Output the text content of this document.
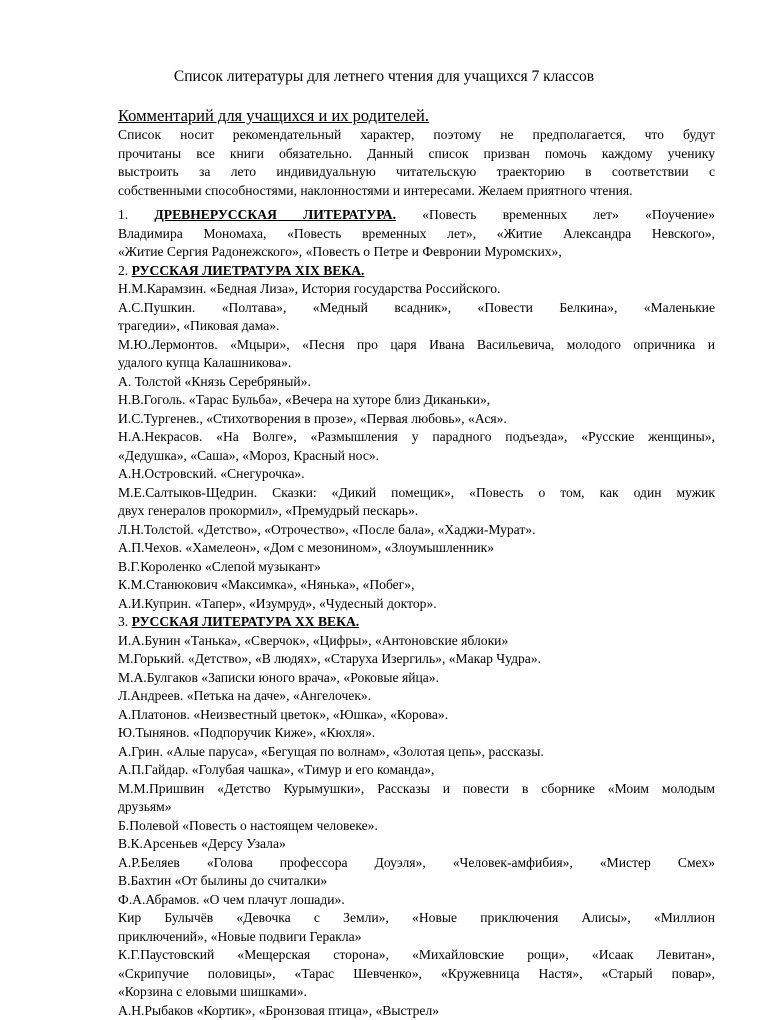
Список литературы для летнего чтения для учащихся 7 классов
Комментарий для учащихся и их родителей.
Список носит рекомендательный характер, поэтому не предполагается, что будут
прочитаны все книги обязательно. Данный список призван помочь каждому ученику
выстроить за лето индивидуальную читательскую траекторию в соответствии с
собственными способностями, наклонностями и интересами. Желаем приятного чтения.
1. ДРЕВНЕРУССКАЯ ЛИТЕРАТУРА. «Повесть временных лет» «Поучение»
Владимира Мономаха, «Повесть временных лет», «Житие Александра Невского»,
«Житие Сергия Радонежского», «Повесть о Петре и Февронии Муромских»,
2. РУССКАЯ ЛИЕТРАТУРА XIX ВЕКА.
Н.М.Карамзин. «Бедная Лиза», История государства Российского.
А.С.Пушкин. «Полтава», «Медный всадник», «Повести Белкина», «Маленькие
трагедии», «Пиковая дама».
М.Ю.Лермонтов. «Мцыри», «Песня про царя Ивана Васильевича, молодого опричника и
удалого купца Калашникова».
А. Толстой «Князь Серебряный».
Н.В.Гоголь. «Тарас Бульба», «Вечера на хуторе близ Диканьки»,
И.С.Тургенев., «Стихотворения в прозе», «Первая любовь», «Ася».
Н.А.Некрасов. «На Волге», «Размышления у парадного подъезда», «Русские женщины»,
«Дедушка», «Саша», «Мороз, Красный нос».
А.Н.Островский. «Снегурочка».
М.Е.Салтыков-Щедрин. Сказки: «Дикий помещик», «Повесть о том, как один мужик
двух генералов прокормил», «Премудрый пескарь».
Л.Н.Толстой. «Детство», «Отрочество», «После бала», «Хаджи-Мурат».
А.П.Чехов. «Хамелеон», «Дом с мезонином», «Злоумышленник»
В.Г.Короленко «Слепой музыкант»
К.М.Станюкович «Максимка», «Нянька», «Побег»,
А.И.Куприн. «Тапер», «Изумруд», «Чудесный доктор».
3. РУССКАЯ ЛИТЕРАТУРА XX ВЕКА.
И.А.Бунин «Танька», «Сверчок», «Цифры», «Антоновские яблоки»
М.Горький. «Детство», «В людях», «Старуха Изергиль», «Макар Чудра».
М.А.Булгаков «Записки юного врача», «Роковые яйца».
Л.Андреев. «Петька на даче», «Ангелочек».
А.Платонов. «Неизвестный цветок», «Юшка», «Корова».
Ю.Тынянов. «Подпоручик Киже», «Кюхля».
А.Грин. «Алые паруса», «Бегущая по волнам», «Золотая цепь», рассказы.
А.П.Гайдар. «Голубая чашка», «Тимур и его команда»,
М.М.Пришвин «Детство Курымушки», Рассказы и повести в сборнике «Моим молодым
друзьям»
Б.Полевой «Повесть о настоящем человеке».
В.К.Арсеньев «Дерсу Узала»
А.Р.Беляев «Голова профессора Доуэля», «Человек-амфибия», «Мистер Смех»
В.Бахтин «От былины до считалки»
Ф.А.Абрамов. «О чем плачут лошади».
Кир Булычёв «Девочка с Земли», «Новые приключения Алисы», «Миллион
приключений», «Новые подвиги Геракла»
К.Г.Паустовский «Мещерская сторона», «Михайловские рощи», «Исаак Левитан»,
«Скрипучие половицы», «Тарас Шевченко», «Кружевница Настя», «Старый повар»,
«Корзина с еловыми шишками».
А.Н.Рыбаков «Кортик», «Бронзовая птица», «Выстрел»
